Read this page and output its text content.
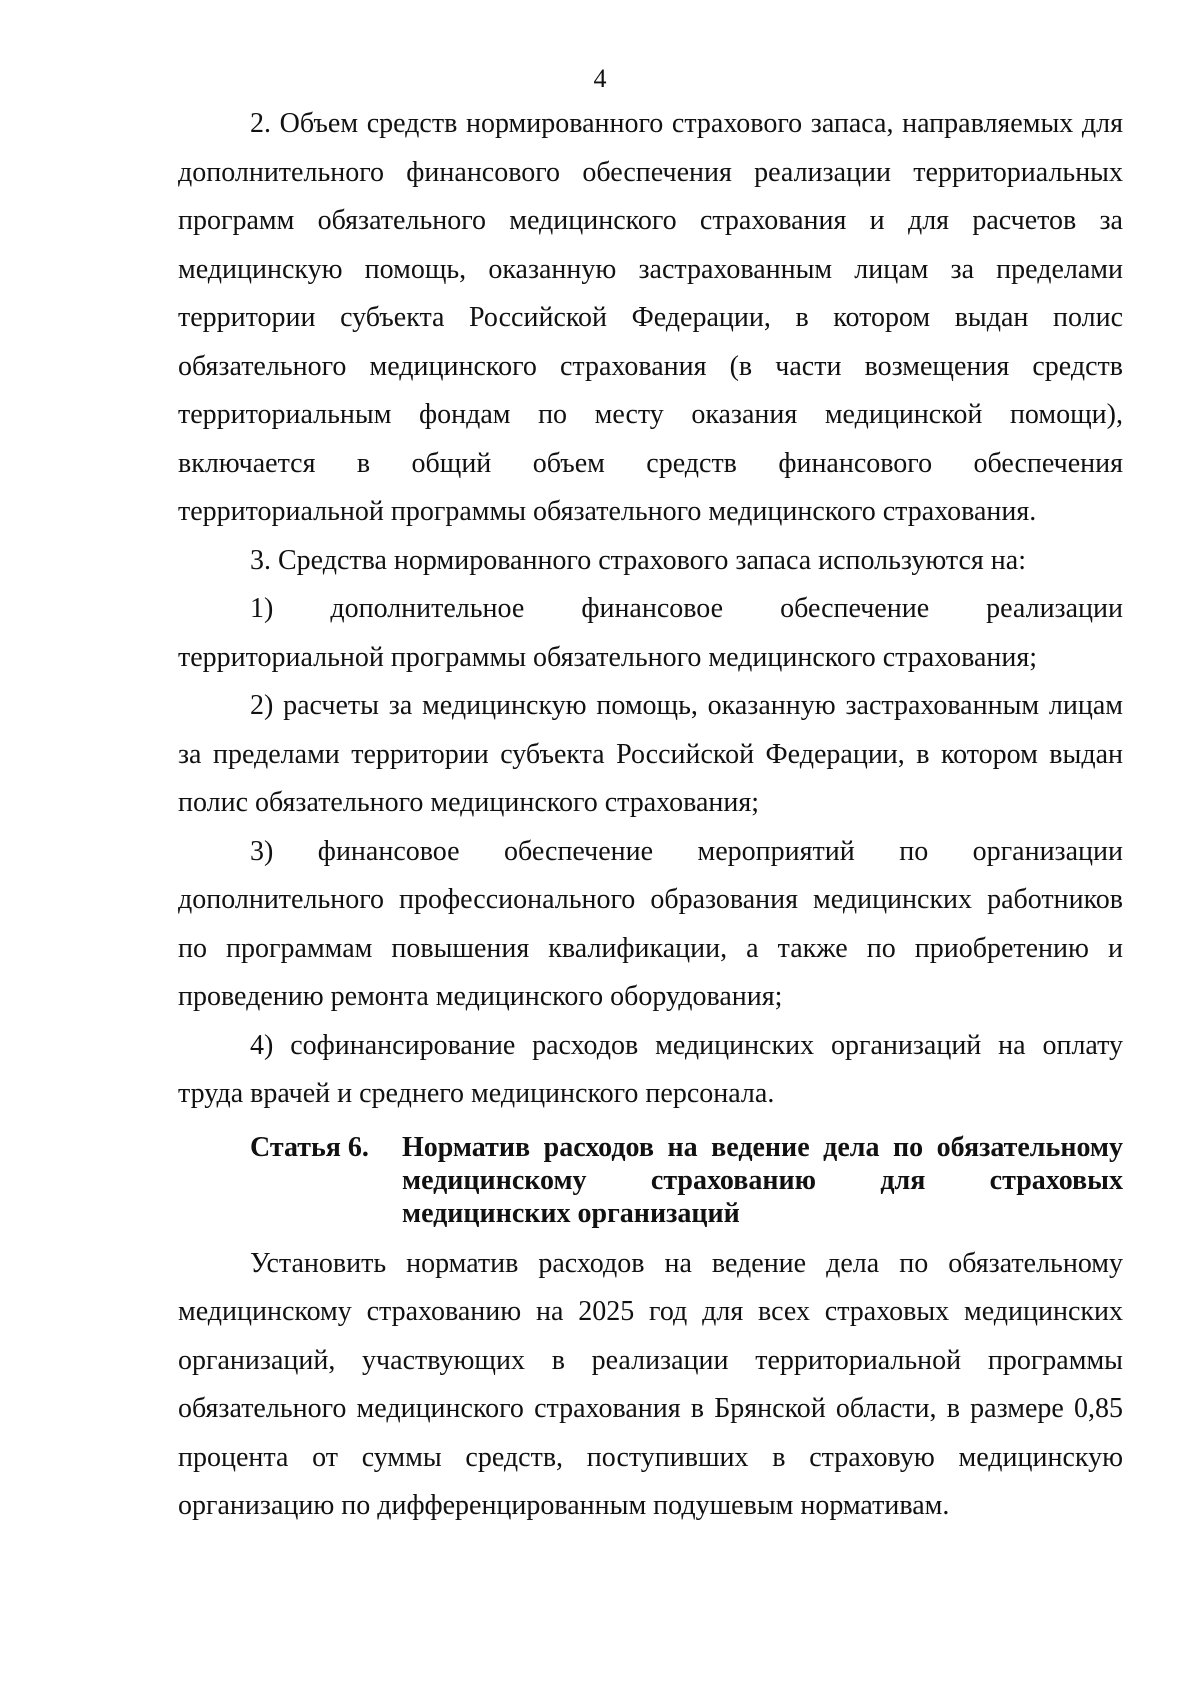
4

2. Объем средств нормированного страхового запаса, направляемых для дополнительного финансового обеспечения реализации территориальных программ обязательного медицинского страхования и для расчетов за медицинскую помощь, оказанную застрахованным лицам за пределами территории субъекта Российской Федерации, в котором выдан полис обязательного медицинского страхования (в части возмещения средств территориальным фондам по месту оказания медицинской помощи), включается в общий объем средств финансового обеспечения территориальной программы обязательного медицинского страхования.

3. Средства нормированного страхового запаса используются на:

1) дополнительное финансовое обеспечение реализации территориальной программы обязательного медицинского страхования;

2) расчеты за медицинскую помощь, оказанную застрахованным лицам за пределами территории субъекта Российской Федерации, в котором выдан полис обязательного медицинского страхования;

3) финансовое обеспечение мероприятий по организации дополнительного профессионального образования медицинских работников по программам повышения квалификации, а также по приобретению и проведению ремонта медицинского оборудования;

4) софинансирование расходов медицинских организаций на оплату труда врачей и среднего медицинского персонала.

Статья 6.	Норматив расходов на ведение дела по обязательному медицинскому страхованию для страховых медицинских организаций

Установить норматив расходов на ведение дела по обязательному медицинскому страхованию на 2025 год для всех страховых медицинских организаций, участвующих в реализации территориальной программы обязательного медицинского страхования в Брянской области, в размере 0,85 процента от суммы средств, поступивших в страховую медицинскую организацию по дифференцированным подушевым нормативам.
